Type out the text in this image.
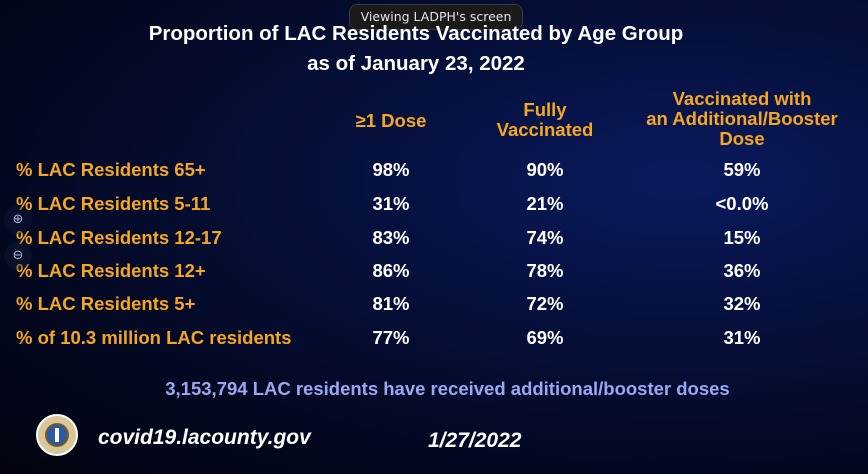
Viewing LADPH's screen
Proportion of LAC Residents Vaccinated by Age Group
as of January 23, 2022
≥1 Dose
Fully
Vaccinated
Vaccinated with
an Additional/Booster
Dose
% LAC Residents 65+	98%	90%	59%
% LAC Residents 5-11	31%	21%	<0.0%
% LAC Residents 12-17	83%	74%	15%
% LAC Residents 12+	86%	78%	36%
% LAC Residents 5+	81%	72%	32%
% of 10.3 million LAC residents	77%	69%	31%
3,153,794 LAC residents have received additional/booster doses
covid19.lacounty.gov	1/27/2022
⊕
⊖
